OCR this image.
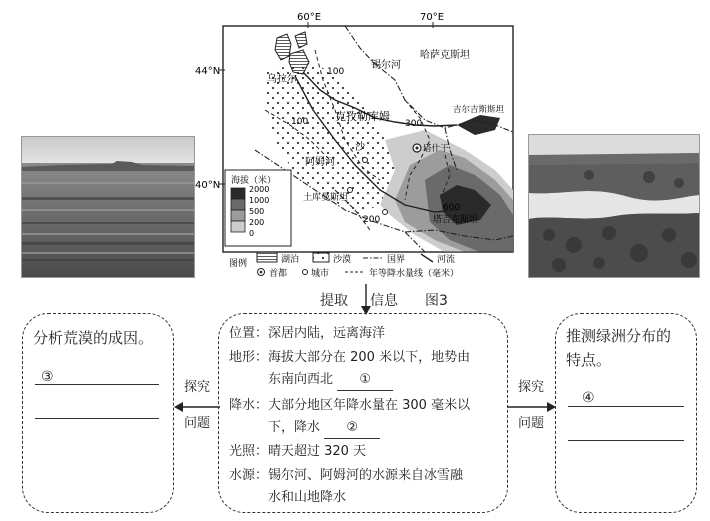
60°E	70°E
44°N
40°N
哈萨克斯坦
吉尔吉斯斯坦
塔什干
土库曼斯坦
塔吉克斯坦
克孜勒库姆
锡尔河
阿姆河
乌拉尔
沙
100
100	300
600
200
海拔（米）
2000
1000
500
200
0
图例	湖泊	沙漠	国界	河流
首都	城市	年等降水量线（毫米）
提取 信息 图3
分析荒漠的成因。
③
探究
问题
位置：深居内陆，远离海洋
地形：海拔大部分在 200 米以下，地势由
东南向西北 ①
降水：大部分地区年降水量在 300 毫米以
下，降水 ②
光照：晴天超过 320 天
水源：锡尔河、阿姆河的水源来自冰雪融
水和山地降水
探究
问题
推测绿洲分布的
特点。
④
